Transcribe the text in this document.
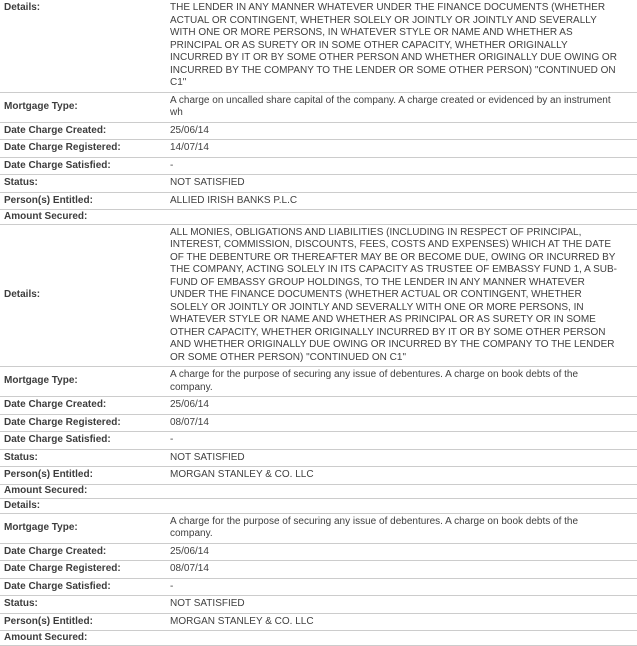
Details:	THE LENDER IN ANY MANNER WHATEVER UNDER THE FINANCE DOCUMENTS (WHETHER ACTUAL OR CONTINGENT, WHETHER SOLELY OR JOINTLY OR JOINTLY AND SEVERALLY WITH ONE OR MORE PERSONS, IN WHATEVER STYLE OR NAME AND WHETHER AS PRINCIPAL OR AS SURETY OR IN SOME OTHER CAPACITY, WHETHER ORIGINALLY INCURRED BY IT OR BY SOME OTHER PERSON AND WHETHER ORIGINALLY DUE OWING OR INCURRED BY THE COMPANY TO THE LENDER OR SOME OTHER PERSON) "CONTINUED ON C1"
Mortgage Type:
A charge on uncalled share capital of the company. A charge created or evidenced by an instrument wh
Date Charge Created:	25/06/14
Date Charge Registered:	14/07/14
Date Charge Satisfied:	-
Status:	NOT SATISFIED
Person(s) Entitled:	ALLIED IRISH BANKS P.L.C
Amount Secured:
Details:
ALL MONIES, OBLIGATIONS AND LIABILITIES (INCLUDING IN RESPECT OF PRINCIPAL, INTEREST, COMMISSION, DISCOUNTS, FEES, COSTS AND EXPENSES) WHICH AT THE DATE OF THE DEBENTURE OR THEREAFTER MAY BE OR BECOME DUE, OWING OR INCURRED BY THE COMPANY, ACTING SOLELY IN ITS CAPACITY AS TRUSTEE OF EMBASSY FUND 1, A SUB-FUND OF EMBASSY GROUP HOLDINGS, TO THE LENDER IN ANY MANNER WHATEVER UNDER THE FINANCE DOCUMENTS (WHETHER ACTUAL OR CONTINGENT, WHETHER SOLELY OR JOINTLY OR JOINTLY AND SEVERALLY WITH ONE OR MORE PERSONS, IN WHATEVER STYLE OR NAME AND WHETHER AS PRINCIPAL OR AS SURETY OR IN SOME OTHER CAPACITY, WHETHER ORIGINALLY INCURRED BY IT OR BY SOME OTHER PERSON AND WHETHER ORIGINALLY DUE OWING OR INCURRED BY THE COMPANY TO THE LENDER OR SOME OTHER PERSON) "CONTINUED ON C1"
Mortgage Type:
A charge for the purpose of securing any issue of debentures. A charge on book debts of the company.
Date Charge Created:	25/06/14
Date Charge Registered:	08/07/14
Date Charge Satisfied:	-
Status:	NOT SATISFIED
Person(s) Entitled:	MORGAN STANLEY & CO. LLC
Amount Secured:
Details:
Mortgage Type:
A charge for the purpose of securing any issue of debentures. A charge on book debts of the company.
Date Charge Created:	25/06/14
Date Charge Registered:	08/07/14
Date Charge Satisfied:	-
Status:	NOT SATISFIED
Person(s) Entitled:	MORGAN STANLEY & CO. LLC
Amount Secured:
